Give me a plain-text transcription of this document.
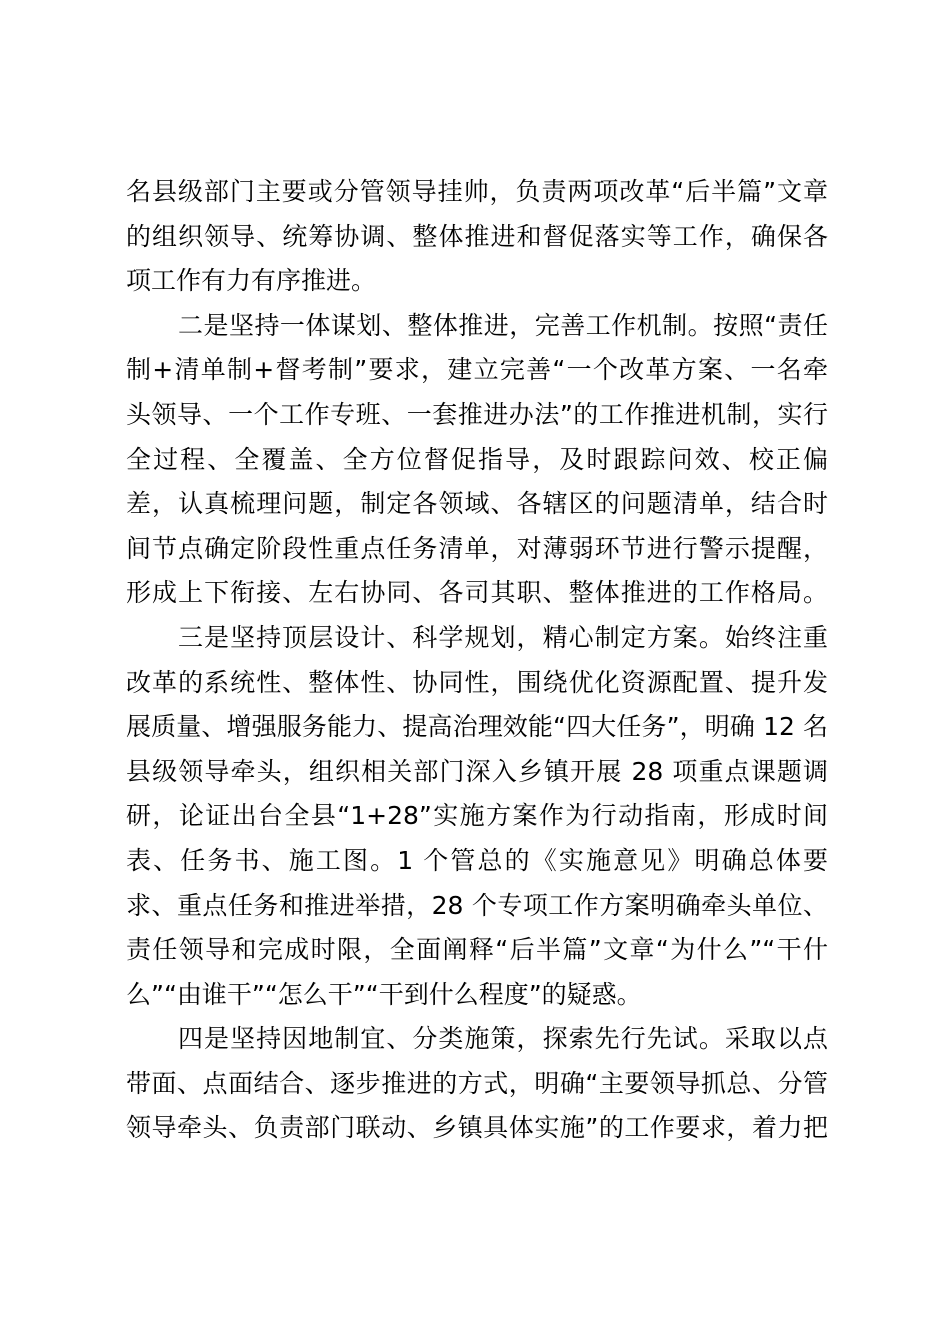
名县级部门主要或分管领导挂帅，负责两项改革“后半篇”文章
的组织领导、统筹协调、整体推进和督促落实等工作，确保各
项工作有力有序推进。
二是坚持一体谋划、整体推进，完善工作机制。按照“责任
制+清单制+督考制”要求，建立完善“一个改革方案、一名牵
头领导、一个工作专班、一套推进办法”的工作推进机制，实行
全过程、全覆盖、全方位督促指导，及时跟踪问效、校正偏
差，认真梳理问题，制定各领域、各辖区的问题清单，结合时
间节点确定阶段性重点任务清单，对薄弱环节进行警示提醒，
形成上下衔接、左右协同、各司其职、整体推进的工作格局。
三是坚持顶层设计、科学规划，精心制定方案。始终注重
改革的系统性、整体性、协同性，围绕优化资源配置、提升发
展质量、增强服务能力、提高治理效能“四大任务”，明确 12 名
县级领导牵头，组织相关部门深入乡镇开展 28 项重点课题调
研，论证出台全县“1+28”实施方案作为行动指南，形成时间
表、任务书、施工图。1 个管总的《实施意见》明确总体要
求、重点任务和推进举措，28 个专项工作方案明确牵头单位、
责任领导和完成时限，全面阐释“后半篇”文章“为什么”“干什
么”“由谁干”“怎么干”“干到什么程度”的疑惑。
四是坚持因地制宜、分类施策，探索先行先试。采取以点
带面、点面结合、逐步推进的方式，明确“主要领导抓总、分管
领导牵头、负责部门联动、乡镇具体实施”的工作要求，着力把
